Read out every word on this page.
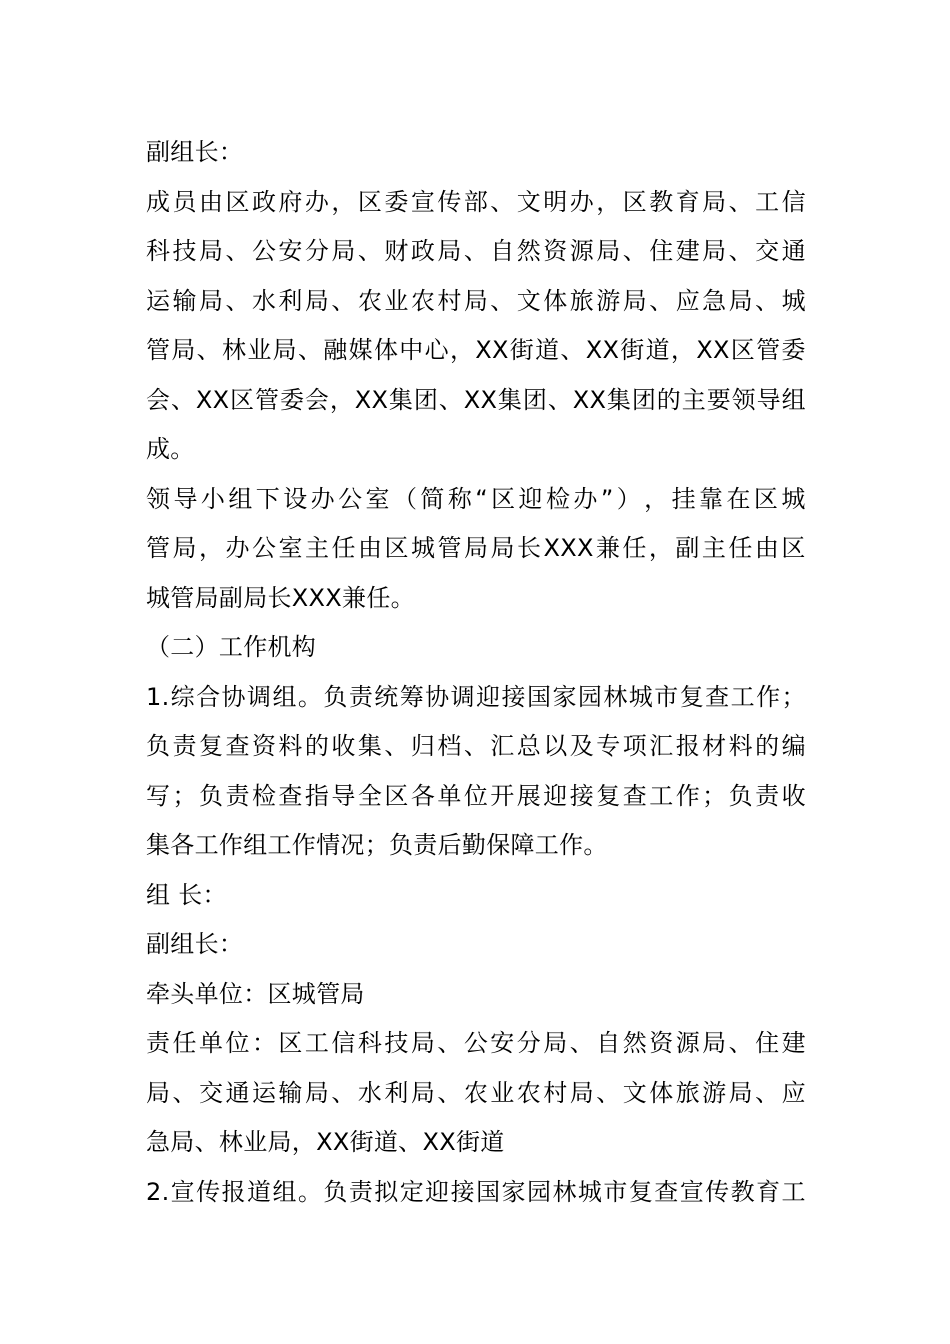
副组长：
成 员 由 区 政 府 办 ， 区 委 宣 传 部 、 文 明 办 ， 区 教 育 局 、 工 信
科 技 局 、 公 安 分 局 、 财 政 局 、 自 然 资 源 局 、 住 建 局 、 交 通
运 输 局 、 水 利 局 、 农 业 农 村 局 、 文 体 旅 游 局 、 应 急 局 、 城
管 局 、 林 业 局 、 融 媒 体 中 心 ， XX 街 道 、 XX 街 道 ， XX 区 管 委
会 、 XX 区 管 委 会 ， XX 集 团 、 XX 集 团 、 XX 集 团 的 主 要 领 导 组
成。
领 导 小 组 下 设 办 公 室 （ 简 称 “ 区 迎 检 办 ” ） ， 挂 靠 在 区 城
管 局 ， 办 公 室 主 任 由 区 城 管 局 局 长 XXX 兼 任 ， 副 主 任 由 区
城管局副局长XXX兼任。
（二）工作机构
1. 综 合 协 调 组 。 负 责 统 筹 协 调 迎 接 国 家 园 林 城 市 复 查 工 作 ；
负 责 复 查 资 料 的 收 集 、 归 档 、 汇 总 以 及 专 项 汇 报 材 料 的 编
写 ； 负 责 检 查 指 导 全 区 各 单 位 开 展 迎 接 复 查 工 作 ； 负 责 收
集各工作组工作情况；负责后勤保障工作。
组 长：
副组长：
牵头单位：区城管局
责 任 单 位 ： 区 工 信 科 技 局 、 公 安 分 局 、 自 然 资 源 局 、 住 建
局 、 交 通 运 输 局 、 水 利 局 、 农 业 农 村 局 、 文 体 旅 游 局 、 应
急局、林业局，XX街道、XX街道
2. 宣 传 报 道 组 。 负 责 拟 定 迎 接 国 家 园 林 城 市 复 查 宣 传 教 育 工
